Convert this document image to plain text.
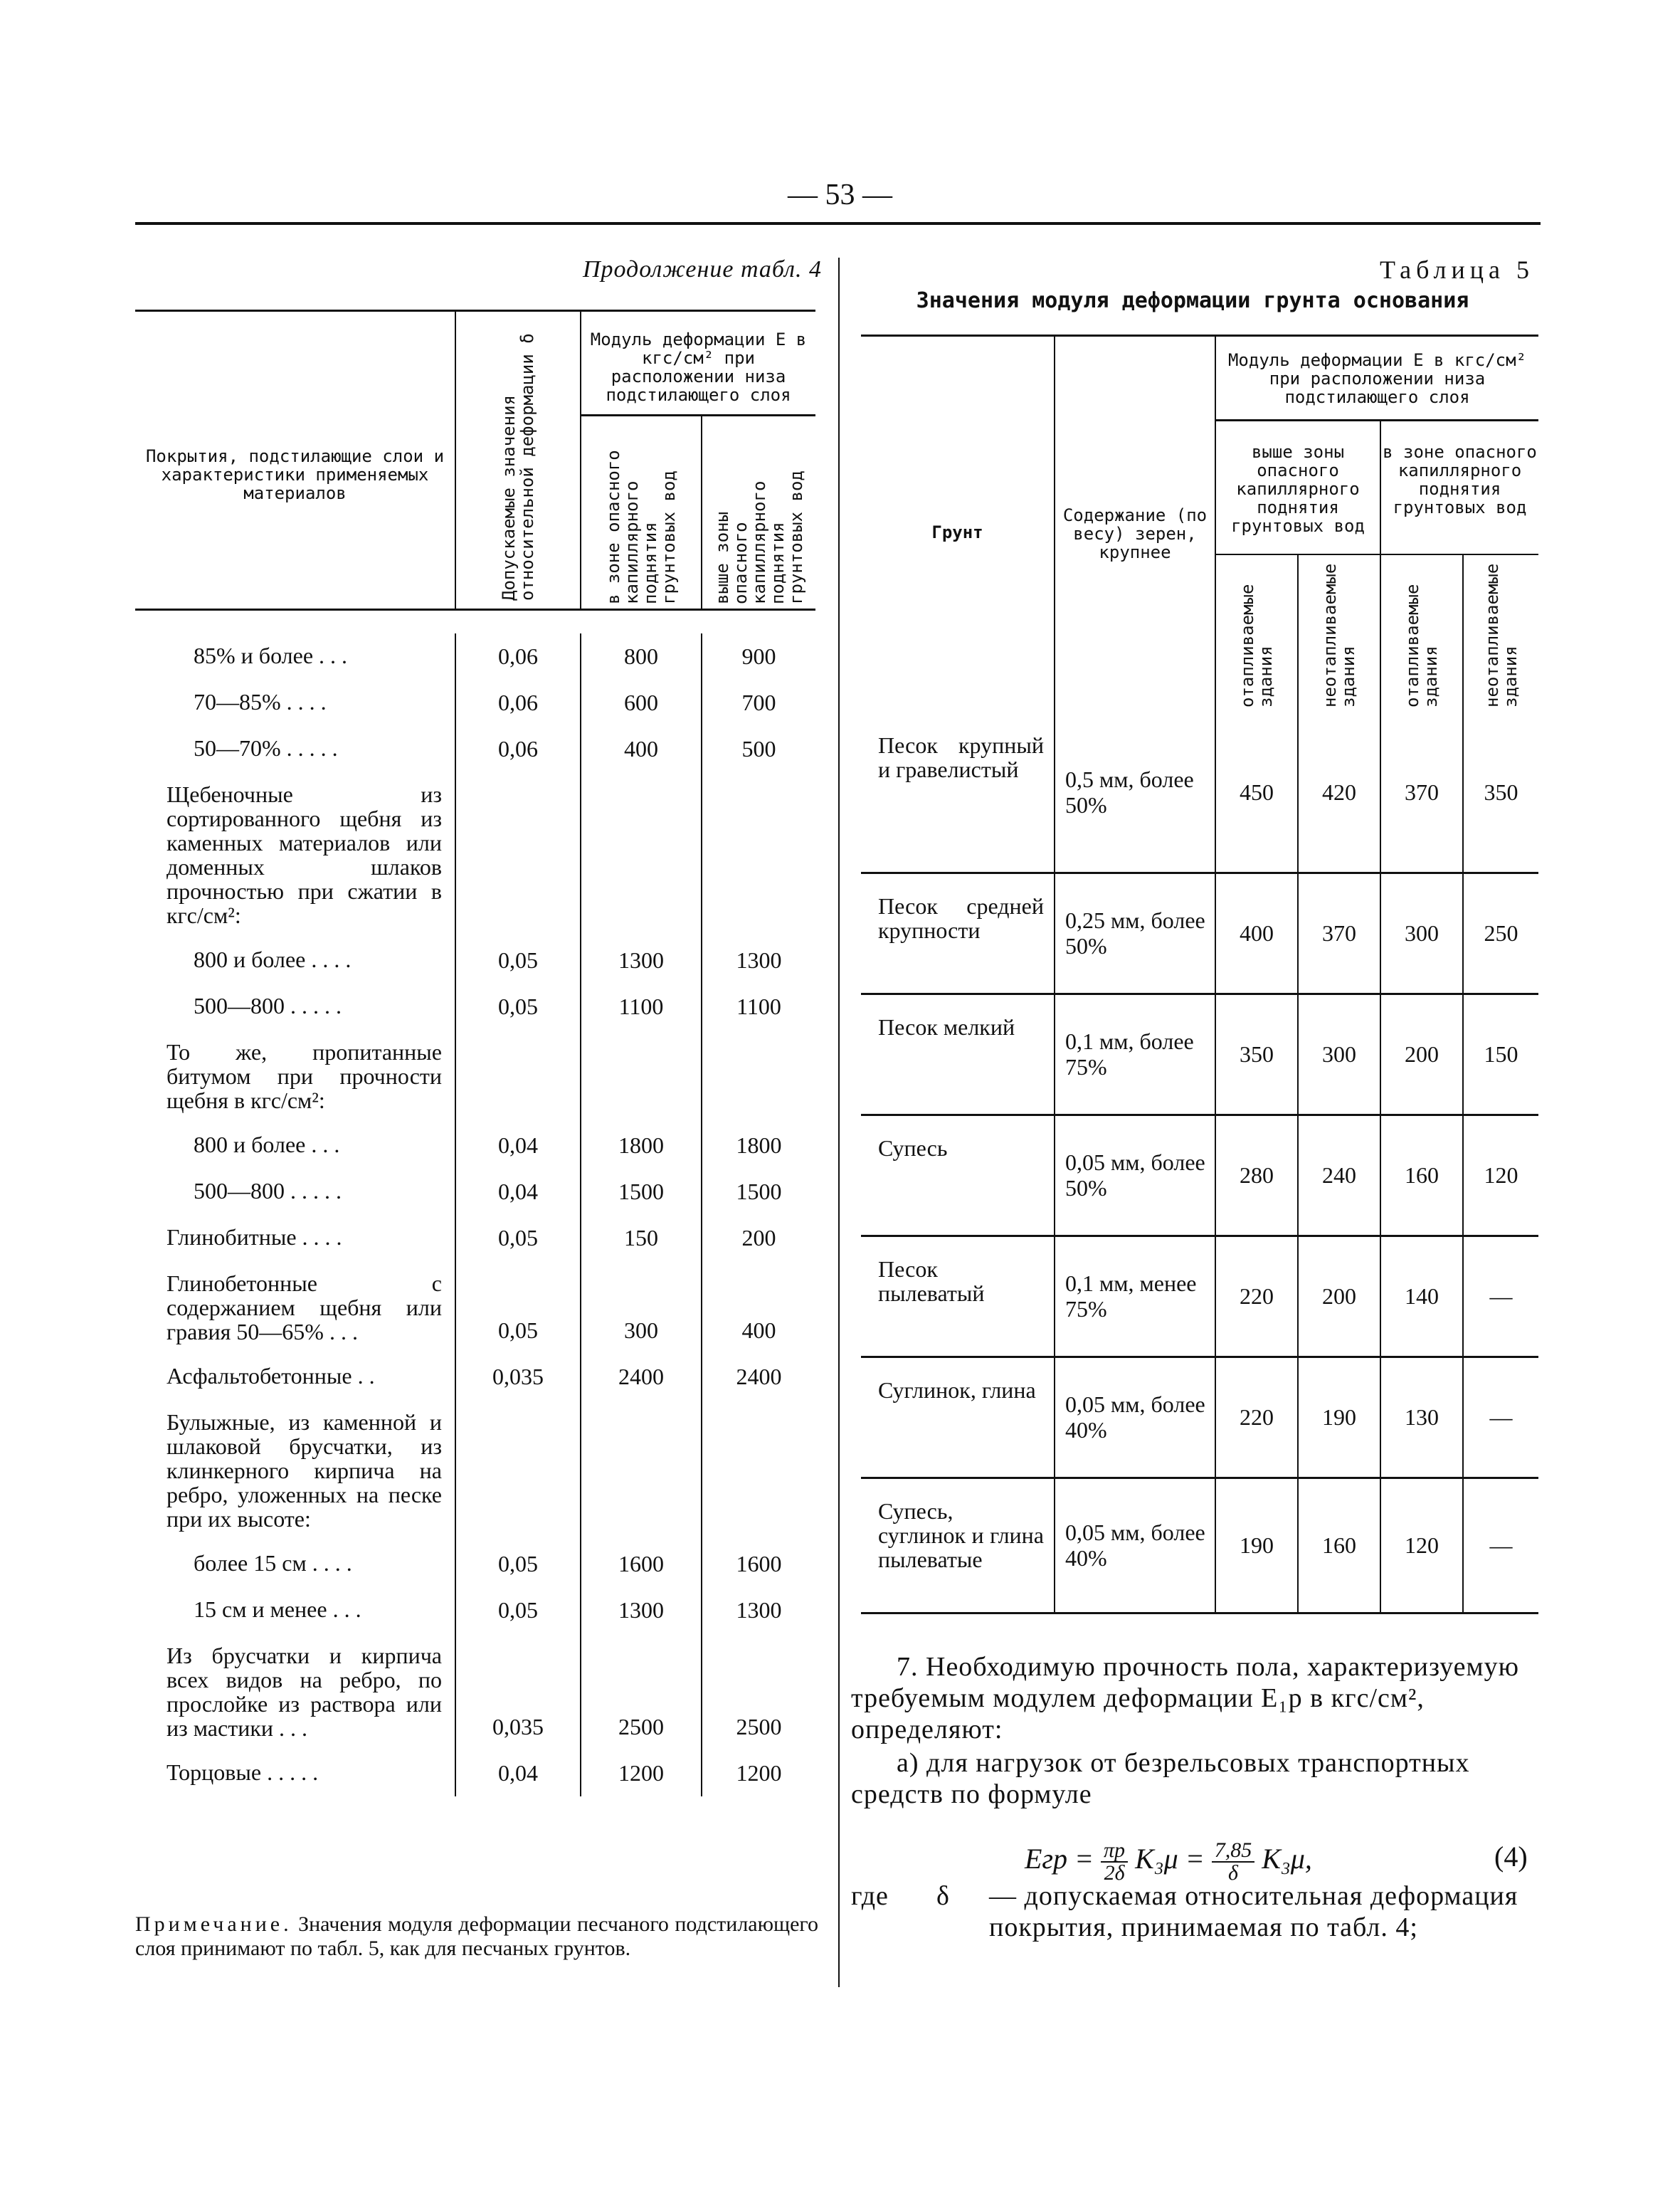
— 53 —
Продолжение табл. 4
Покрытия, подстилающие слои и характеристики применяемых материалов	Допускаемые значения относительной деформации δ	Модуль деформации E в кгс/см² при расположении низа подстилающего слоя	

		в зоне опасного капиллярного поднятия грунтовых вод	выше зоны опасного капиллярного поднятия грунтовых вод
85% и более . . .	0,06	800	900
70—85% . . . .	0,06	600	700
50—70% . . . . .	0,06	400	500
Щебеночные из сортированного щебня из каменных материалов или доменных шлаков прочностью при сжатии в кгс/см²:			
800 и более . . . .	0,05	1300	1300
500—800 . . . . .	0,05	1100	1100
То же, пропитанные битумом при прочности щебня в кгс/см²:			
800 и более . . .	0,04	1800	1800
500—800 . . . . .	0,04	1500	1500
Глинобитные . . . .	0,05	150	200
Глинобетонные с содержанием щебня или гравия 50—65% . . .	0,05	300	400
Асфальтобетонные . .	0,035	2400	2400
Булыжные, из каменной и шлаковой брусчатки, из клинкерного кирпича на ребро, уложенных на песке при их высоте:			
более 15 см . . . .	0,05	1600	1600
15 см и менее . . .	0,05	1300	1300
Из брусчатки и кирпича всех видов на ребро, по прослойке из раствора или из мастики . . .	0,035	2500	2500
Торцовые . . . . .	0,04	1200	1200
Примечание. Значения модуля деформации песчаного подстилающего слоя принимают по табл. 5, как для песчаных грунтов.
Таблица 5
Значения модуля деформации грунта основания
Грунт	Содержание (по весу) зерен, крупнее	Модуль деформации E в кгс/см² при расположении низа подстилающего слоя			
		выше зоны опасного капиллярного поднятия грунтовых вод		в зоне опасного капиллярного поднятия грунтовых вод	

		отапливаемые здания	неотапливаемые здания	отапливаемые здания	неотапливаемые здания

Песок крупный и гравелистый	0,5 мм, более 50%	450	420	370	350
Песок средней крупности	0,25 мм, более 50%	400	370	300	250
Песок мелкий	0,1 мм, более 75%	350	300	200	150
Супесь	0,05 мм, более 50%	280	240	160	120
Песок пылеватый	0,1 мм, менее 75%	220	200	140	—
Суглинок, глина	0,05 мм, более 40%	220	190	130	—
Супесь, суглинок и глина пылеватые	0,05 мм, более 40%	190	160	120	—
7. Необходимую прочность пола, характеризуемую требуемым модулем деформации E₁р в кгс/см², определяют:
а) для нагрузок от безрельсовых транспортных средств по формуле
Eгр = $\frac{\pi p}{2\delta} K_3\mu = \frac{7,85}{\delta} K_3\mu$,	(4)
где	δ	— допускаемая относительная деформация покрытия, принимаемая по табл. 4;
